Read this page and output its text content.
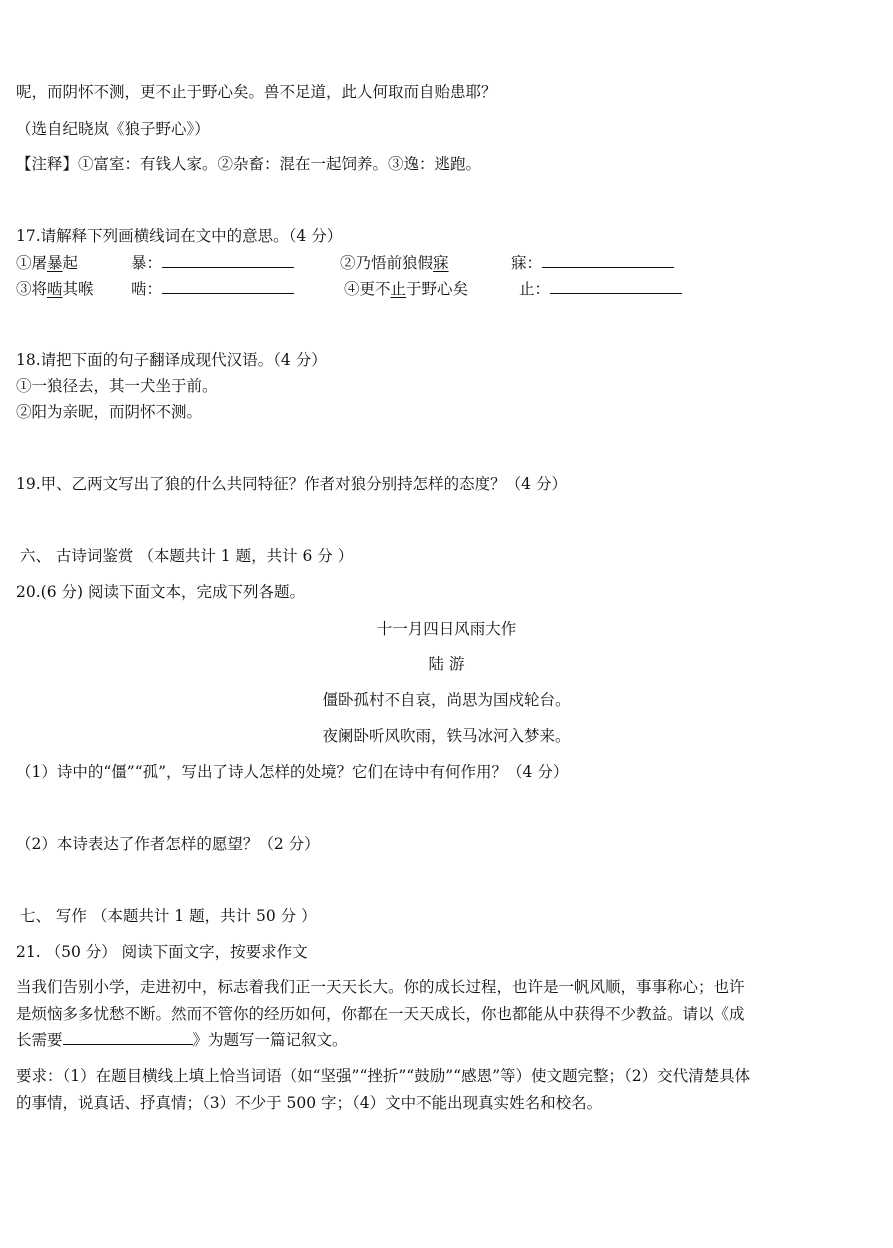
呢，而阴怀不测，更不止于野心矣。兽不足道，此人何取而自贻患耶？
（选自纪晓岚《狼子野心》）
【注释】①富室：有钱人家。②杂畜：混在一起饲养。③逸：逃跑。
17.请解释下列画横线词在文中的意思。（4 分）
①屠暴起	暴：	②乃悟前狼假寐	寐：
③将啮其喉 啮：	④更不止于野心矣	止：
18.请把下面的句子翻译成现代汉语。（4 分）
①一狼径去，其一犬坐于前。
②阳为亲昵，而阴怀不测。
19.甲、乙两文写出了狼的什么共同特征？作者对狼分别持怎样的态度？（4 分）
六、 古诗词鉴赏 （本题共计 1 题，共计 6 分 ）
20.(6 分) 阅读下面文本，完成下列各题。
十一月四日风雨大作
陆 游
僵卧孤村不自哀，尚思为国戍轮台。
夜阑卧听风吹雨，铁马冰河入梦来。
（1）诗中的“僵”“孤”，写出了诗人怎样的处境？它们在诗中有何作用？（4 分）
（2）本诗表达了作者怎样的愿望？（2 分）
七、 写作 （本题共计 1 题，共计 50 分 ）
21. （50 分） 阅读下面文字，按要求作文
当我们告别小学，走进初中，标志着我们正一天天长大。你的成长过程，也许是一帆风顺，事事称心；也许
是烦恼多多忧愁不断。然而不管你的经历如何，你都在一天天成长，你也都能从中获得不少教益。请以《成
长需要	》为题写一篇记叙文。
要求：（1）在题目横线上填上恰当词语（如“坚强”“挫折”“鼓励”“感恩”等）使文题完整；（2）交代清楚具体
的事情，说真话、抒真情；（3）不少于 500 字；（4）文中不能出现真实姓名和校名。
